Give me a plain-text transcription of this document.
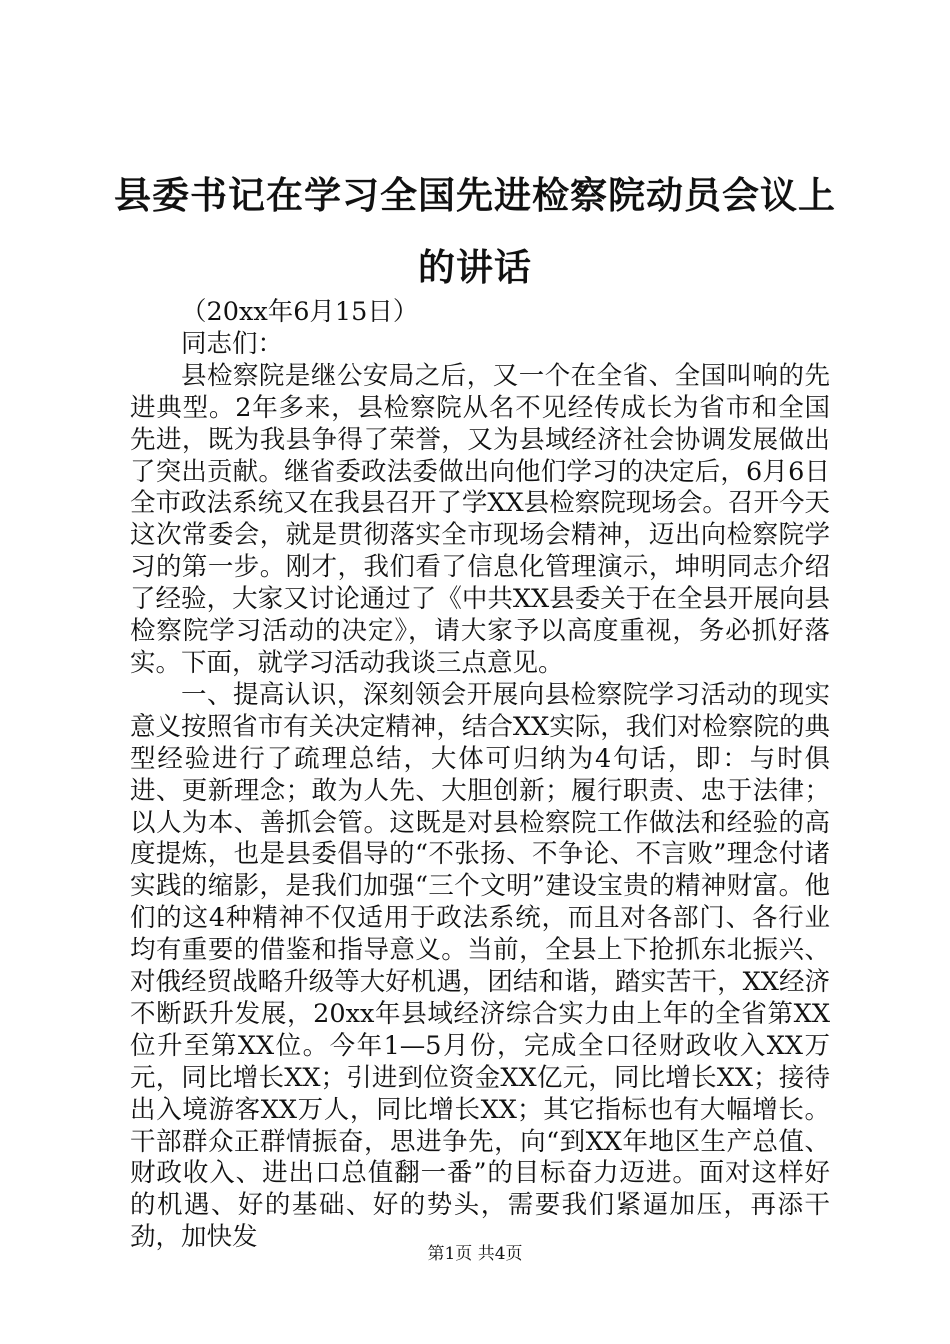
县委书记在学习全国先进检察院动员会议上的讲话

（20xx年6月15日）

同志们：

县检察院是继公安局之后，又一个在全省、全国叫响的先进典型。2年多来，县检察院从名不见经传成长为省市和全国先进，既为我县争得了荣誉，又为县域经济社会协调发展做出了突出贡献。继省委政法委做出向他们学习的决定后，6月6日全市政法系统又在我县召开了学XX县检察院现场会。召开今天这次常委会，就是贯彻落实全市现场会精神，迈出向检察院学习的第一步。刚才，我们看了信息化管理演示，坤明同志介绍了经验，大家又讨论通过了《中共XX县委关于在全县开展向县检察院学习活动的决定》，请大家予以高度重视，务必抓好落实。下面，就学习活动我谈三点意见。

一、提高认识，深刻领会开展向县检察院学习活动的现实意义按照省市有关决定精神，结合XX实际，我们对检察院的典型经验进行了疏理总结，大体可归纳为4句话，即：与时俱进、更新理念；敢为人先、大胆创新；履行职责、忠于法律；以人为本、善抓会管。这既是对县检察院工作做法和经验的高度提炼，也是县委倡导的“不张扬、不争论、不言败”理念付诸实践的缩影，是我们加强“三个文明”建设宝贵的精神财富。他们的这4种精神不仅适用于政法系统，而且对各部门、各行业均有重要的借鉴和指导意义。当前，全县上下抢抓东北振兴、对俄经贸战略升级等大好机遇，团结和谐，踏实苦干，XX经济不断跃升发展，20xx年县域经济综合实力由上年的全省第XX位升至第XX位。今年1—5月份，完成全口径财政收入XX万元，同比增长XX；引进到位资金XX亿元，同比增长XX；接待出入境游客XX万人，同比增长XX；其它指标也有大幅增长。干部群众正群情振奋，思进争先，向“到XX年地区生产总值、财政收入、进出口总值翻一番”的目标奋力迈进。面对这样好的机遇、好的基础、好的势头，需要我们紧逼加压，再添干劲，加快发

第1页 共4页
